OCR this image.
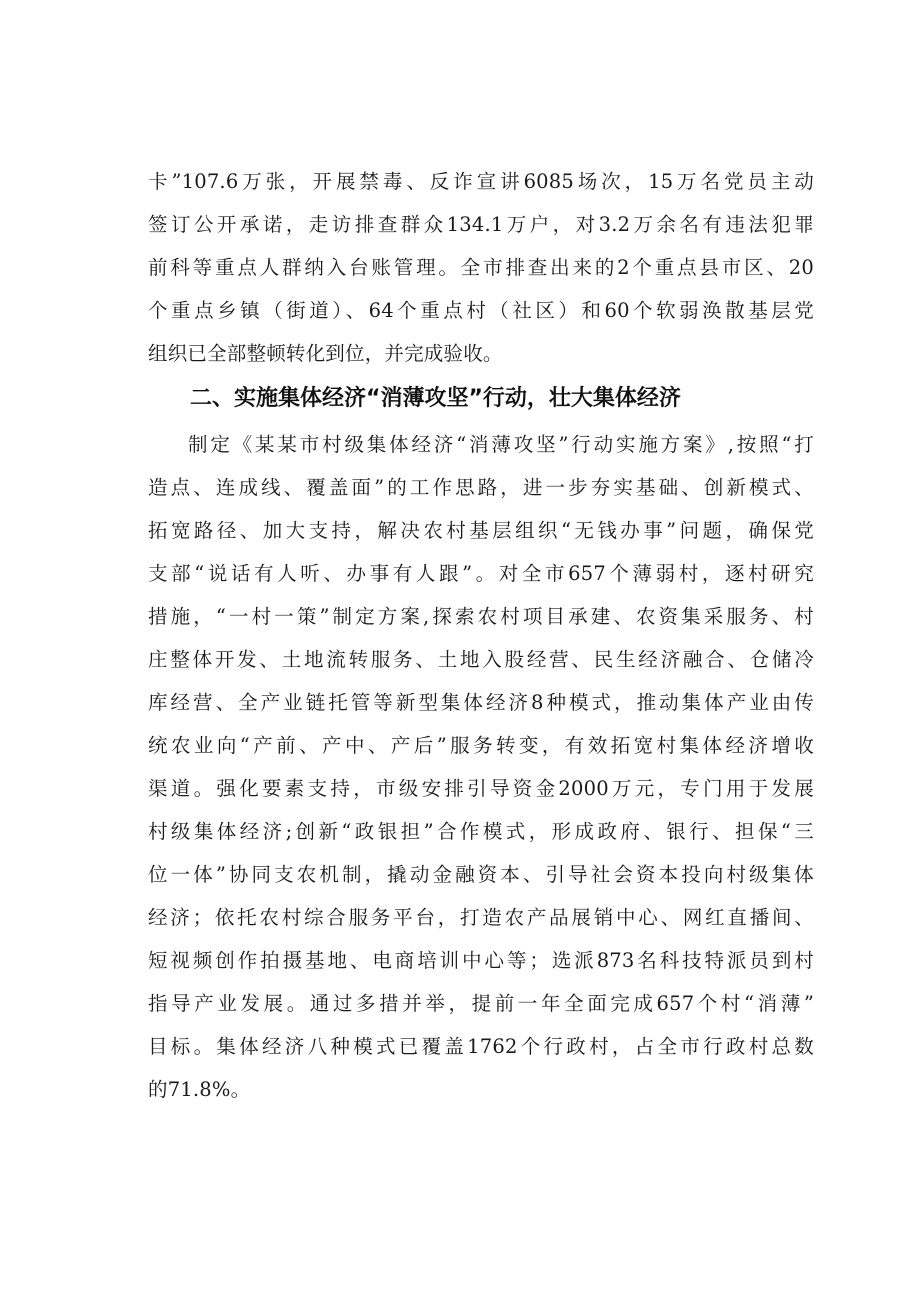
卡”107.6万张，开展禁毒、反诈宣讲6085场次，15万名党员主动
签订公开承诺，走访排查群众134.1万户，对3.2万余名有违法犯罪
前科等重点人群纳入台账管理。全市排查出来的2个重点县市区、20
个重点乡镇（街道）、64个重点村（社区）和60个软弱涣散基层党
组织已全部整顿转化到位，并完成验收。
二、实施集体经济“消薄攻坚”行动，壮大集体经济
制定《某某市村级集体经济“消薄攻坚”行动实施方案》,按照“打
造点、连成线、覆盖面”的工作思路，进一步夯实基础、创新模式、
拓宽路径、加大支持，解决农村基层组织“无钱办事”问题，确保党
支部“说话有人听、办事有人跟”。对全市657个薄弱村，逐村研究
措施，“一村一策”制定方案,探索农村项目承建、农资集采服务、村
庄整体开发、土地流转服务、土地入股经营、民生经济融合、仓储冷
库经营、全产业链托管等新型集体经济8种模式，推动集体产业由传
统农业向“产前、产中、产后”服务转变，有效拓宽村集体经济增收
渠道。强化要素支持，市级安排引导资金2000万元，专门用于发展
村级集体经济;创新“政银担”合作模式，形成政府、银行、担保“三
位一体”协同支农机制，撬动金融资本、引导社会资本投向村级集体
经济；依托农村综合服务平台，打造农产品展销中心、网红直播间、
短视频创作拍摄基地、电商培训中心等；选派873名科技特派员到村
指导产业发展。通过多措并举，提前一年全面完成657个村“消薄”
目标。集体经济八种模式已覆盖1762个行政村，占全市行政村总数
的71.8%。
